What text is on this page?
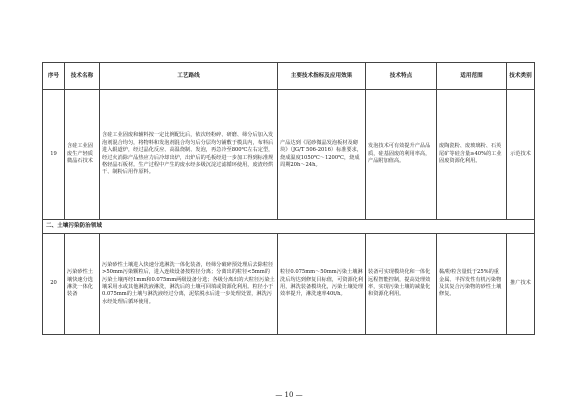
序号	技术名称	工艺路线	主要技术指标及应用效果	技术特点	适用范围	技术类别
19	含硅工业固废生产轻质微晶石技术	含硅工业固废和辅料按一定比例配比后，依次经粉碎、研磨、筛分后加入发泡剂混合均匀，将物料和发泡剂混合均匀后分层均匀铺敷于模具内，布料后进入辊道炉，经过晶化反应、高温烧制、发泡，再急冷至800℃左右定型，经过火消除产品热应力后冷却出炉，出炉后的毛板经进一步加工得到标准规格轻晶石板材。生产过程中产生的废水经多级沉淀过滤循环使用，废渣经烘干、制粉后用作原料。	产品达到《尾砂微晶发泡板材及砌块》（JG/T 506-2016）标准要求，烧成温度1050℃～1200℃，烧成周期20h～24h。	发泡技术可有效提升产品品质，硅基固废的利用率高，产品附加值高。	废陶瓷粉、废玻璃粉、石英尾矿等硅含量≥40%的工业固废资源化利用。	示范技术
二、土壤污染防治领域						
20	污染砂性土壤快速分选淋洗一体化装备	污染砂性土壤进入快速分选淋洗一体化装备，经筛分破碎预处理后去除粒径>50mm污染颗粒后，进入连续设备按粒径分离；分离出的粒径<5mm的污染土壤再经1mm和0.075mm两级设备分选；各级分离出的大粒径污染土壤采用水或其他淋洗液淋洗，淋洗后的土壤可回填或资源化利用。粒径小于0.075mm的土壤与淋洗液经过分离，泥浆脱水后进一步处理处置，淋洗污水经处理后循环使用。	粒径0.075mm～50mm污染土壤淋洗后均达到修复目标值，可资源化利用，淋洗装备模块化，污染土壤处理效率提升，淋洗速率40t/h。	装备可实现模块化和一体化远程智能控制，提高处理效率，实现污染土壤的减量化和资源化利用。	黏/粉粒含量低于25%的重金属、半挥发性有机污染物及其复合污染物的砂性土壤修复。	推广技术
— 10 —
